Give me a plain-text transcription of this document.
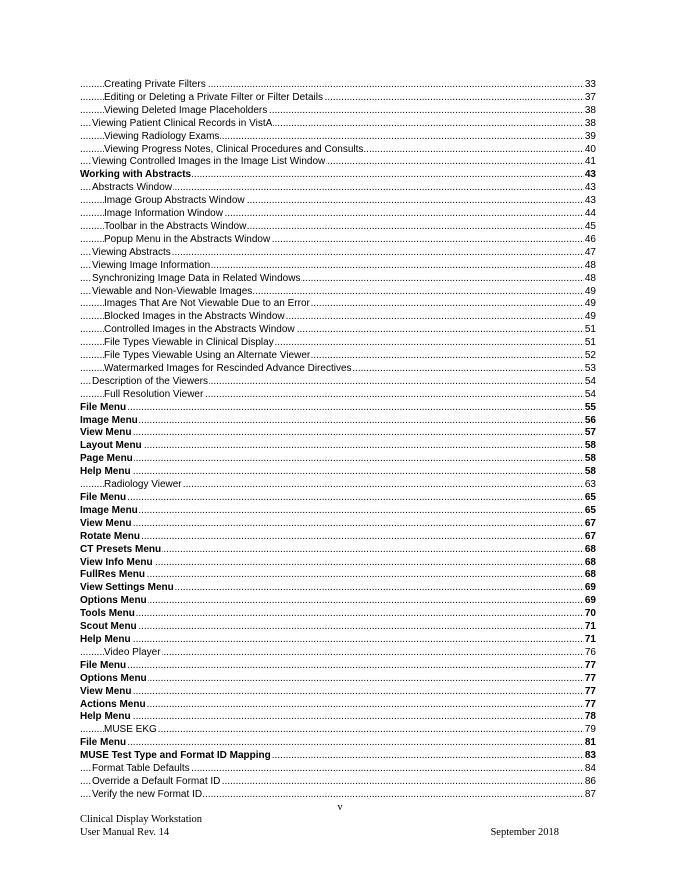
.....
Creating Private Filters	33
.....
Editing or Deleting a Private Filter or Filter Details	37
.....
Viewing Deleted Image Placeholders	38
.....
Viewing Patient Clinical Records in VistA	38
.....
Viewing Radiology Exams	39
.....
Viewing Progress Notes, Clinical Procedures and Consults	40
.....
Viewing Controlled Images in the Image List Window	41
.....
Working with Abstracts	43
.....
Abstracts Window	43
.....
Image Group Abstracts Window	43
.....
Image Information Window	44
.....
Toolbar in the Abstracts Window	45
.....
Popup Menu in the Abstracts Window	46
.....
Viewing Abstracts	47
.....
Viewing Image Information	48
.....
Synchronizing Image Data in Related Windows	48
.....
Viewable and Non-Viewable Images	49
.....
Images That Are Not Viewable Due to an Error	49
.....
Blocked Images in the Abstracts Window	49
.....
Controlled Images in the Abstracts Window	51
.....
File Types Viewable in Clinical Display	51
.....
File Types Viewable Using an Alternate Viewer	52
.....
Watermarked Images for Rescinded Advance Directives	53
.....
Description of the Viewers	54
.....
Full Resolution Viewer	54
.....
File Menu	55
.....
Image Menu	56
.....
View Menu	57
.....
Layout Menu	58
.....
Page Menu	58
.....
Help Menu	58
.....
Radiology Viewer	63
.....
File Menu	65
.....
Image Menu	65
.....
View Menu	67
.....
Rotate Menu	67
.....
CT Presets Menu	68
.....
View Info Menu	68
.....
FullRes Menu	68
.....
View Settings Menu	69
.....
Options Menu	69
.....
Tools Menu	70
.....
Scout Menu	71
.....
Help Menu	71
.....
Video Player	76
.....
File Menu	77
.....
Options Menu	77
.....
View Menu	77
.....
Actions Menu	77
.....
Help Menu	78
.....
MUSE EKG	79
.....
File Menu	81
.....
MUSE Test Type and Format ID Mapping	83
.....
Format Table Defaults	84
.....
Override a Default Format ID	86
.....
Verify the new Format ID	87
v
Clinical Display Workstation
User Manual Rev. 14	September 2018
